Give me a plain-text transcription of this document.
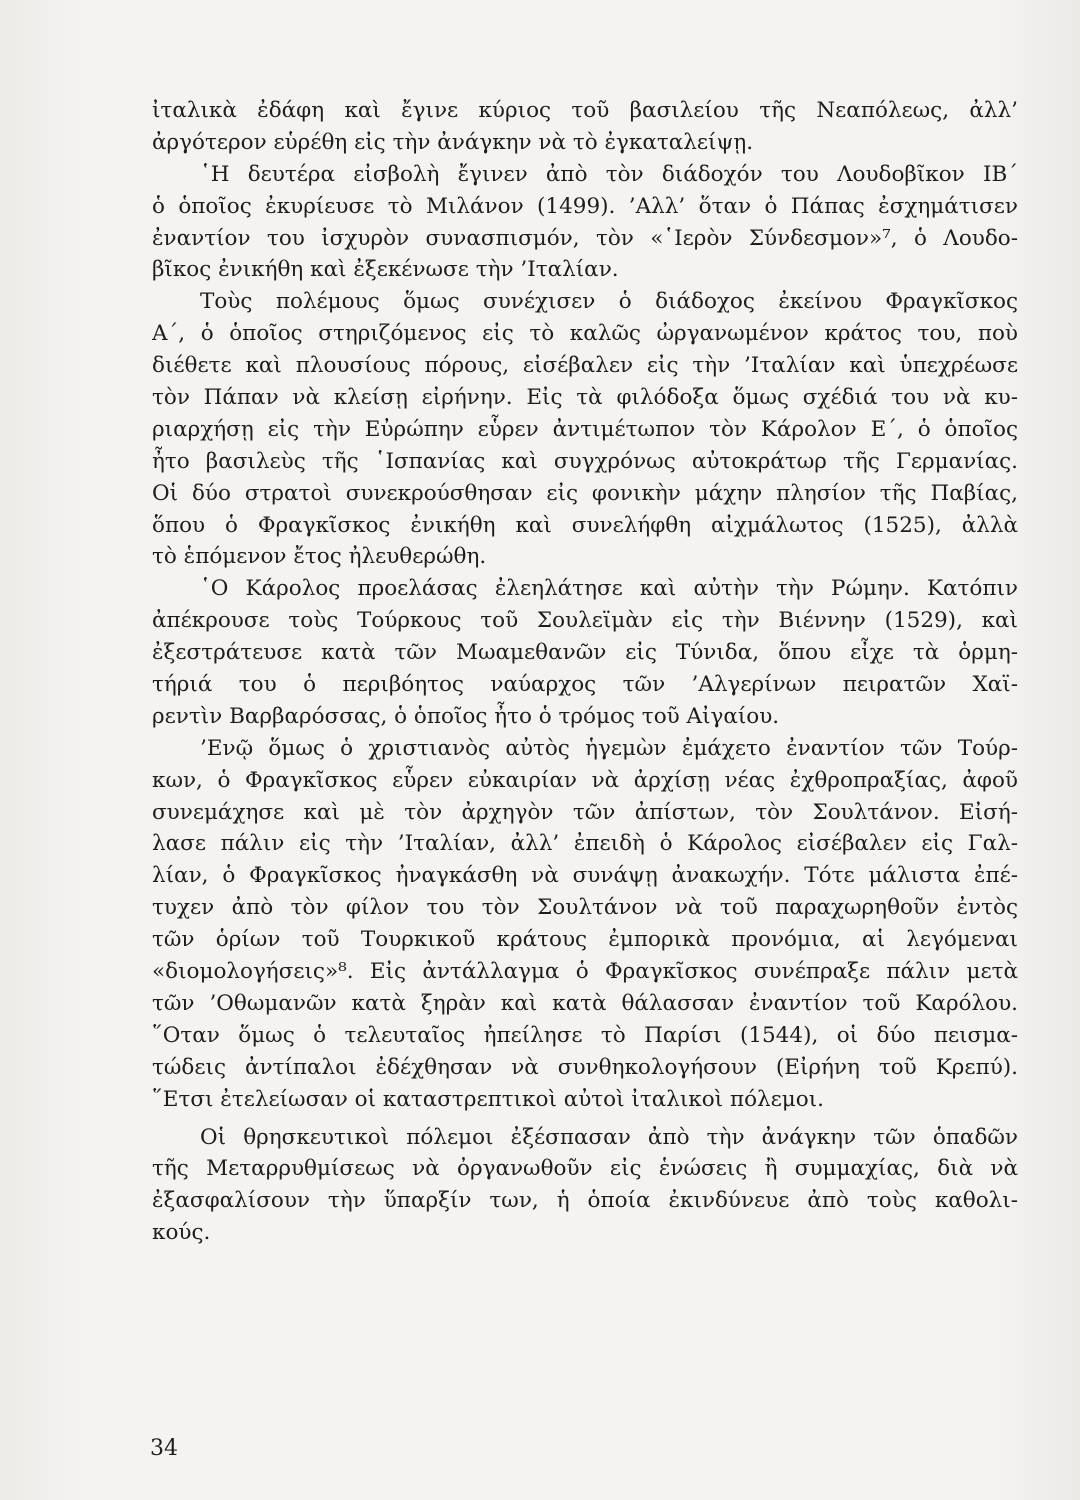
ἰταλικὰ ἐδάφη καὶ ἔγινε κύριος τοῦ βασιλείου τῆς Νεαπόλεως, ἀλλ’
ἀργότερον εὑρέθη εἰς τὴν ἀνάγκην νὰ τὸ ἐγκαταλείψῃ.
῾Η δευτέρα εἰσβολὴ ἔγινεν ἀπὸ τὸν διάδοχόν του Λουδοβῖκον ΙΒ΄
ὁ ὁποῖος ἐκυρίευσε τὸ Μιλάνον (1499). ’Αλλ’ ὅταν ὁ Πάπας ἐσχημάτισεν
ἐναντίον του ἰσχυρὸν συνασπισμόν, τὸν «῾Ιερὸν Σύνδεσμον»⁷, ὁ Λουδο-
βῖκος ἐνικήθη καὶ ἐξεκένωσε τὴν ’Ιταλίαν.
Τοὺς πολέμους ὅμως συνέχισεν ὁ διάδοχος ἐκείνου Φραγκῖσκος
Α΄, ὁ ὁποῖος στηριζόμενος εἰς τὸ καλῶς ὠργανωμένον κράτος του, ποὺ
διέθετε καὶ πλουσίους πόρους, εἰσέβαλεν εἰς τὴν ’Ιταλίαν καὶ ὑπεχρέωσε
τὸν Πάπαν νὰ κλείσῃ εἰρήνην. Εἰς τὰ φιλόδοξα ὅμως σχέδιά του νὰ κυ-
ριαρχήσῃ εἰς τὴν Εὐρώπην εὗρεν ἀντιμέτωπον τὸν Κάρολον Ε΄, ὁ ὁποῖος
ἦτο βασιλεὺς τῆς ῾Ισπανίας καὶ συγχρόνως αὐτοκράτωρ τῆς Γερμανίας.
Οἱ δύο στρατοὶ συνεκρούσθησαν εἰς φονικὴν μάχην πλησίον τῆς Παβίας,
ὅπου ὁ Φραγκῖσκος ἐνικήθη καὶ συνελήφθη αἰχμάλωτος (1525), ἀλλὰ
τὸ ἑπόμενον ἔτος ἠλευθερώθη.
῾Ο Κάρολος προελάσας ἐλεηλάτησε καὶ αὐτὴν τὴν Ρώμην. Κατόπιν
ἀπέκρουσε τοὺς Τούρκους τοῦ Σουλεϊμὰν εἰς τὴν Βιέννην (1529), καὶ
ἐξεστράτευσε κατὰ τῶν Μωαμεθανῶν εἰς Τύνιδα, ὅπου εἶχε τὰ ὁρμη-
τήριά του ὁ περιβόητος ναύαρχος τῶν ’Αλγερίνων πειρατῶν Χαϊ-
ρεντὶν Βαρβαρόσσας, ὁ ὁποῖος ἦτο ὁ τρόμος τοῦ Αἰγαίου.
’Ενῷ ὅμως ὁ χριστιανὸς αὐτὸς ἡγεμὼν ἐμάχετο ἐναντίον τῶν Τούρ-
κων, ὁ Φραγκῖσκος εὗρεν εὐκαιρίαν νὰ ἀρχίσῃ νέας ἐχθροπραξίας, ἀφοῦ
συνεμάχησε καὶ μὲ τὸν ἀρχηγὸν τῶν ἀπίστων, τὸν Σουλτάνον. Εἰσή-
λασε πάλιν εἰς τὴν ’Ιταλίαν, ἀλλ’ ἐπειδὴ ὁ Κάρολος εἰσέβαλεν εἰς Γαλ-
λίαν, ὁ Φραγκῖσκος ἠναγκάσθη νὰ συνάψῃ ἀνακωχήν. Τότε μάλιστα ἐπέ-
τυχεν ἀπὸ τὸν φίλον του τὸν Σουλτάνον νὰ τοῦ παραχωρηθοῦν ἐντὸς
τῶν ὁρίων τοῦ Τουρκικοῦ κράτους ἐμπορικὰ προνόμια, αἱ λεγόμεναι
«διομολογήσεις»⁸. Εἰς ἀντάλλαγμα ὁ Φραγκῖσκος συνέπραξε πάλιν μετὰ
τῶν ’Οθωμανῶν κατὰ ξηρὰν καὶ κατὰ θάλασσαν ἐναντίον τοῦ Καρόλου.
῞Οταν ὅμως ὁ τελευταῖος ἠπείλησε τὸ Παρίσι (1544), οἱ δύο πεισμα-
τώδεις ἀντίπαλοι ἐδέχθησαν νὰ συνθηκολογήσουν (Εἰρήνη τοῦ Κρεπύ).
῞Ετσι ἐτελείωσαν οἱ καταστρεπτικοὶ αὐτοὶ ἰταλικοὶ πόλεμοι.
Οἱ θρησκευτικοὶ πόλεμοι ἐξέσπασαν ἀπὸ τὴν ἀνάγκην τῶν ὁπαδῶν
τῆς Μεταρρυθμίσεως νὰ ὀργανωθοῦν εἰς ἑνώσεις ἢ συμμαχίας, διὰ νὰ
ἐξασφαλίσουν τὴν ὕπαρξίν των, ἡ ὁποία ἐκινδύνευε ἀπὸ τοὺς καθολι-
κούς.
34
